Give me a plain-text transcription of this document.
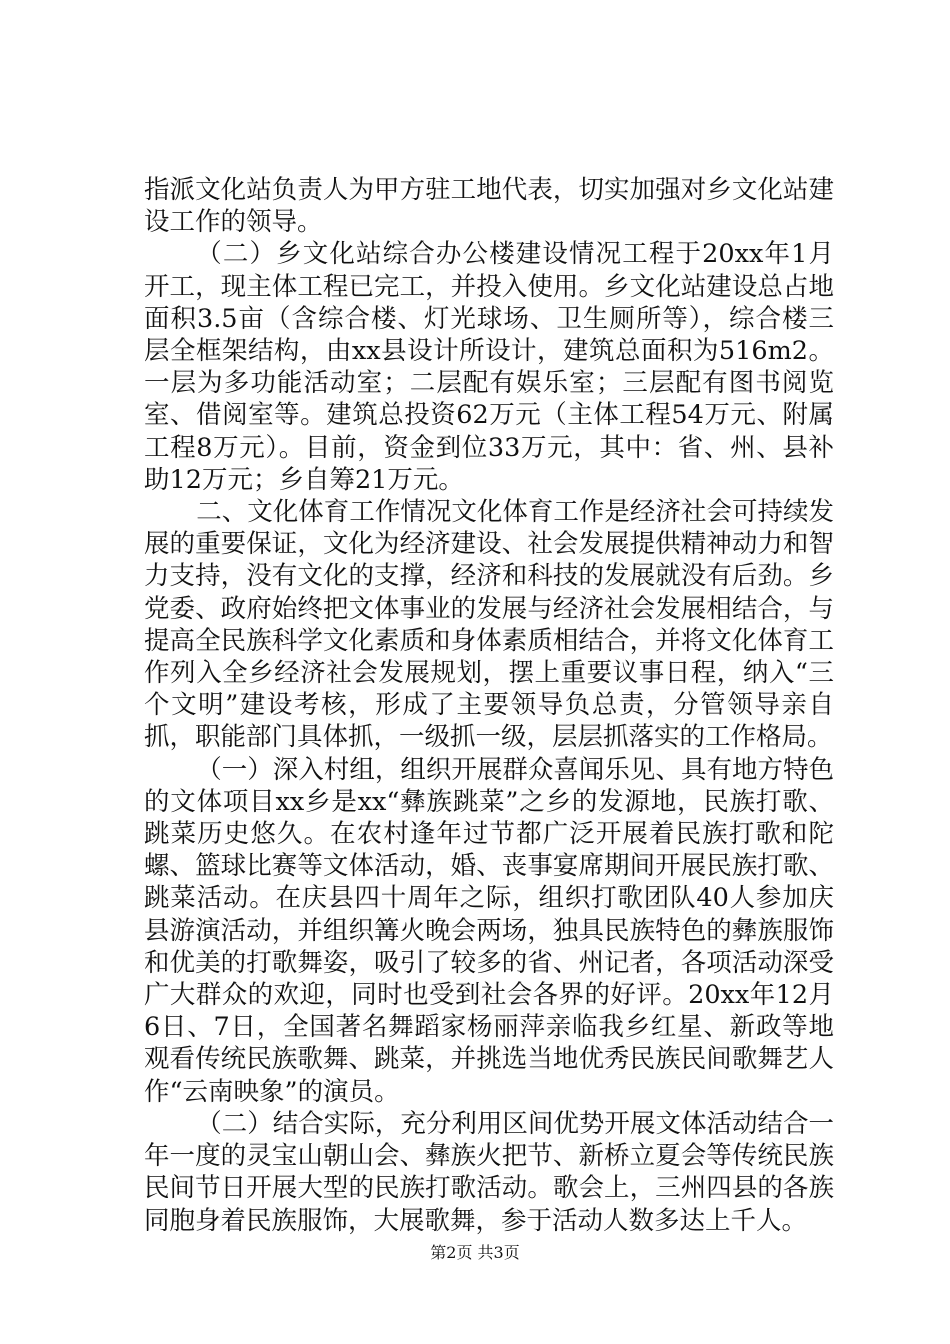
指派文化站负责人为甲方驻工地代表，切实加强对乡文化站建设工作的领导。

（二）乡文化站综合办公楼建设情况工程于20xx年1月开工，现主体工程已完工，并投入使用。乡文化站建设总占地面积3.5亩（含综合楼、灯光球场、卫生厕所等），综合楼三层全框架结构，由xx县设计所设计，建筑总面积为516m2。一层为多功能活动室；二层配有娱乐室；三层配有图书阅览室、借阅室等。建筑总投资62万元（主体工程54万元、附属工程8万元）。目前，资金到位33万元，其中：省、州、县补助12万元；乡自筹21万元。

二、文化体育工作情况文化体育工作是经济社会可持续发展的重要保证，文化为经济建设、社会发展提供精神动力和智力支持，没有文化的支撑，经济和科技的发展就没有后劲。乡党委、政府始终把文体事业的发展与经济社会发展相结合，与提高全民族科学文化素质和身体素质相结合，并将文化体育工作列入全乡经济社会发展规划，摆上重要议事日程，纳入“三个文明”建设考核，形成了主要领导负总责，分管领导亲自抓，职能部门具体抓，一级抓一级，层层抓落实的工作格局。

（一）深入村组，组织开展群众喜闻乐见、具有地方特色的文体项目xx乡是xx“彝族跳菜”之乡的发源地，民族打歌、跳菜历史悠久。在农村逢年过节都广泛开展着民族打歌和陀螺、篮球比赛等文体活动，婚、丧事宴席期间开展民族打歌、跳菜活动。在庆县四十周年之际，组织打歌团队40人参加庆县游演活动，并组织篝火晚会两场，独具民族特色的彝族服饰和优美的打歌舞姿，吸引了较多的省、州记者，各项活动深受广大群众的欢迎，同时也受到社会各界的好评。20xx年12月6日、7日，全国著名舞蹈家杨丽萍亲临我乡红星、新政等地观看传统民族歌舞、跳菜，并挑选当地优秀民族民间歌舞艺人作“云南映象”的演员。

（二）结合实际，充分利用区间优势开展文体活动结合一年一度的灵宝山朝山会、彝族火把节、新桥立夏会等传统民族民间节日开展大型的民族打歌活动。歌会上，三州四县的各族同胞身着民族服饰，大展歌舞，参于活动人数多达上千人。

第2页 共3页
